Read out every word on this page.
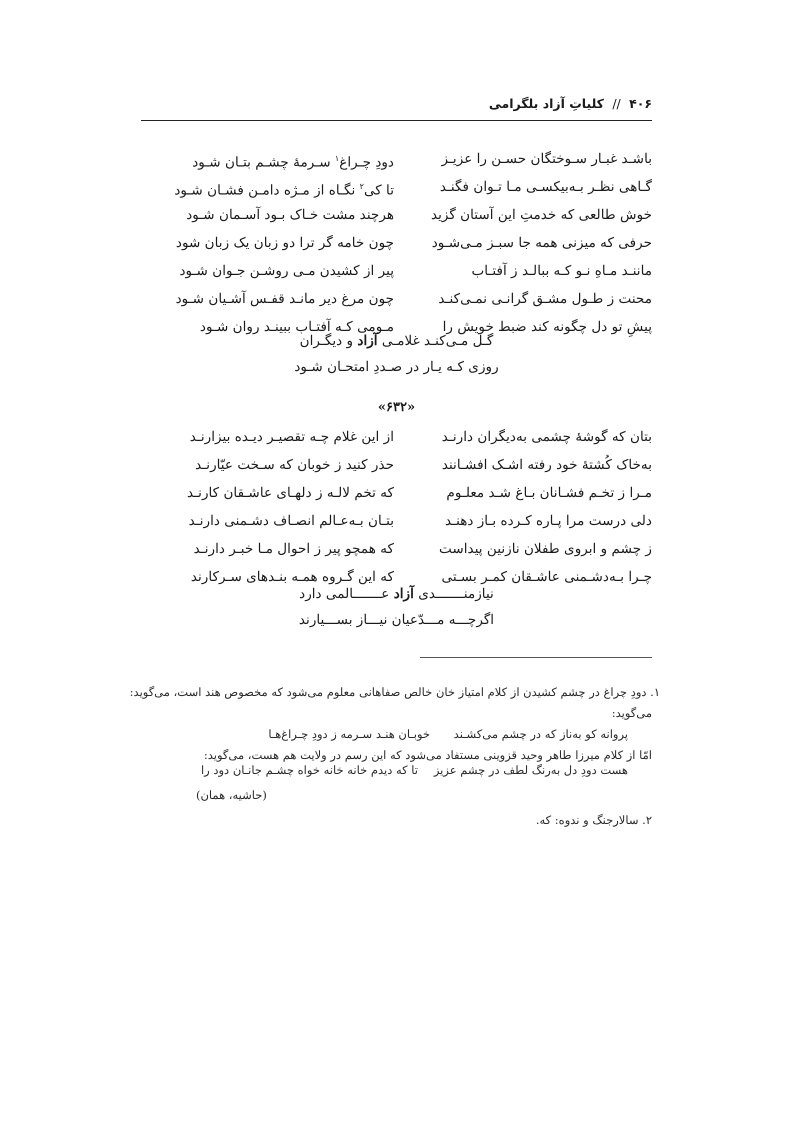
۴۰۶ // کلیاتِ آزاد بلگرامی
باشـد غبـار سـوختگان حسـن را عزیـز
دودِ چـراغ$^۱$ سـرمهٔ چشـم بتـان شـود
گـاهی نظـر بـه‌بیکسـی مـا تـوان فگنـد
تا کی$^۲$ نگـاه از مـژه دامـن فشـان شـود
خوش طالعی که خدمتِ این آستان گزید
هرچند مشت خـاک بـود آسـمان شـود
حرفی که میزنی همه جا سبـز مـی‌شـود
چون خامه گر ترا دو زبان یک زبان شود
ماننـد مـاهِ نـو کـه ببالـد ز آفتـاب
پیر از کشیدن مـی روشـن جـوان شـود
محنت ز طـول مشـق گرانـی نمـی‌کنـد
چون مرغ دیر مانـد قفـس آشـیان شـود
پیشِ تو دل چگونه کند ضبط خویش را
مـومی کـه آفتـاب ببینـد روان شـود
گـل مـی‌کنـد غلامـی آزاد و دیگـران
روزی کـه یـار در صـددِ امتحـان شـود
«۶۳۲»
بتان که گوشهٔ چشمی به‌دیگران دارنـد
از این غلام چـه تقصیـر دیـده بیزارنـد
به‌خاک کُشتهٔ خود رفته اشـک افشـانند
حذر کنید ز خوبان که سـخت عیّارنـد
مـرا ز تخـم فشـانان بـاغ شـد معلـوم
که تخم لالـه ز دلهـای عاشـقان کارنـد
دلی درست مرا پـاره کـرده بـاز دهنـد
بتـان بـه‌عـالم انصـاف دشـمنی دارنـد
ز چشم و ابروی طفلان نازنین پیداست
که همچو پیر ز احوال مـا خبـر دارنـد
چـرا بـه‌دشـمنی عاشـقان کمـر بسـتی
که این گـروه همـه بنـدهای سـرکارند
نیازمنـــــــدی آزاد عـــــــالمی دارد
اگرچـــه مـــدّعیان نیـــاز بســـیارند
۱. دودِ چراغ در چشم کشیدن از کلام امتیاز خان خالص صفاهانی معلوم می‌شود که مخصوص هند است، می‌گوید:
می‌گوید:
پروانه کو به‌ناز که در چشم می‌کشـند
خوبـان هنـد سـرمه ز دودِ چـراغ‌هـا
امّا از کلام میرزا طاهر وحید قزوینی مستفاد می‌شود که این رسم در ولایت هم هست، می‌گوید:
هست دودِ دل به‌رنگ لطف در چشم عزیز
تا که دیدم خانه خانه خواه چشـم جانـان دود را
(حاشیه، همان)
۲. سالارجنگ و ندوه: که.
